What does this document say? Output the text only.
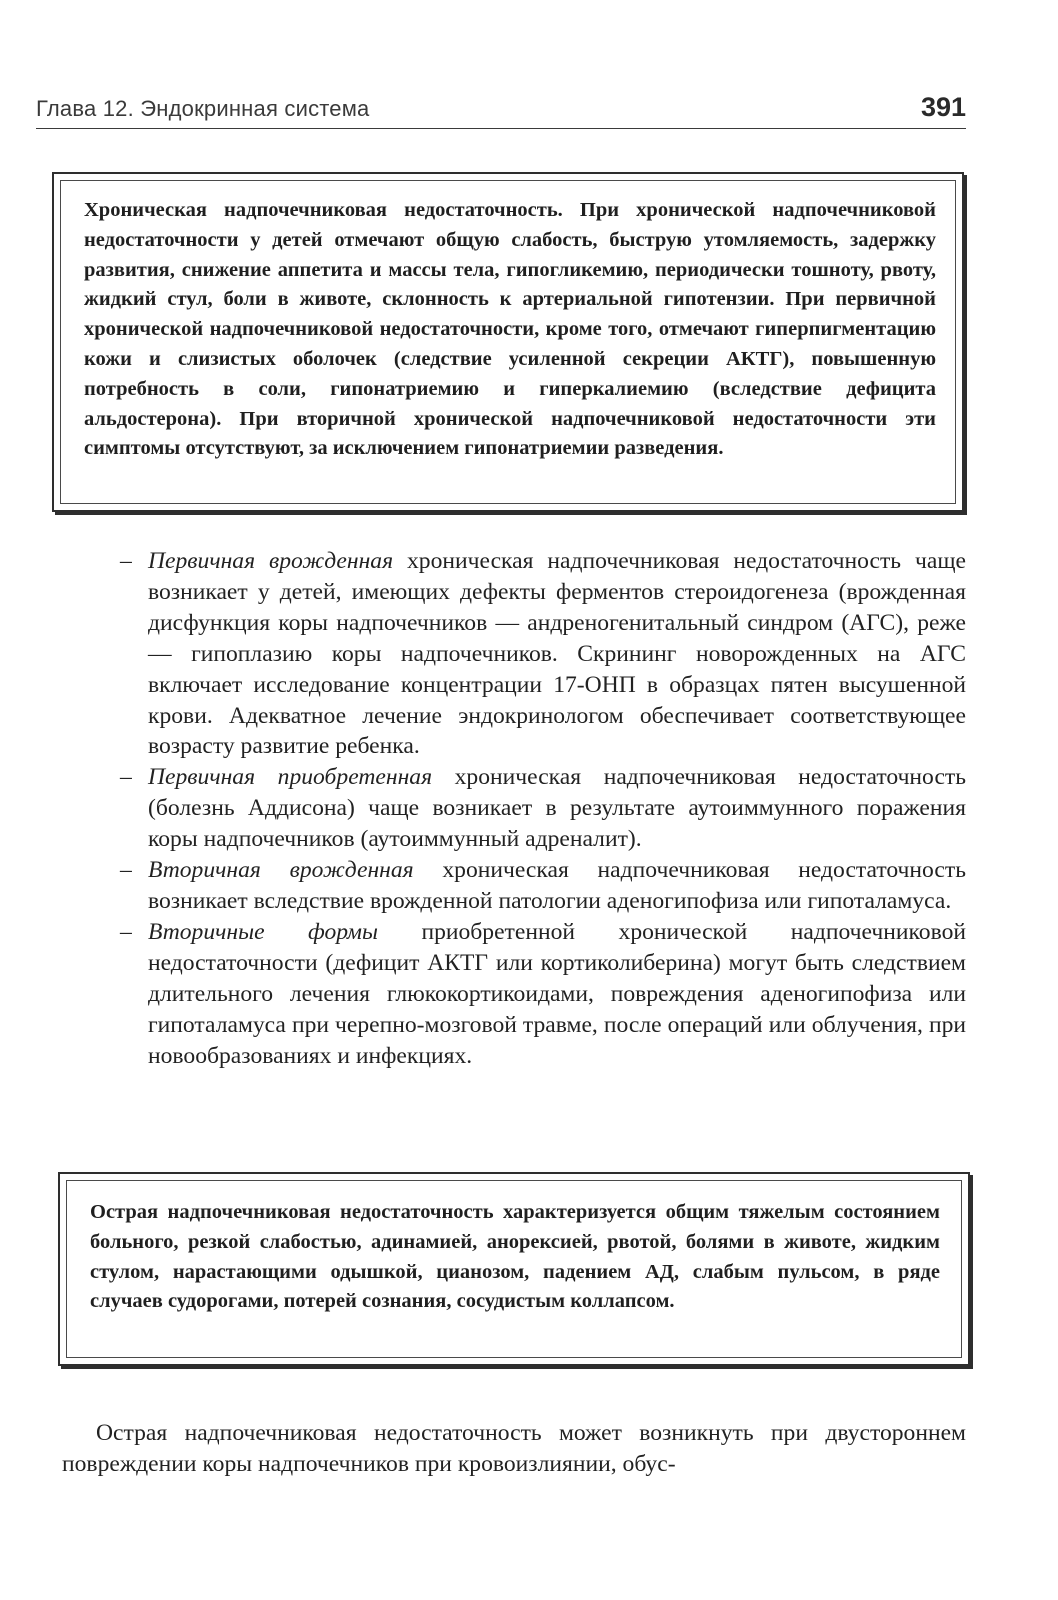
Глава 12. Эндокринная система	391

Хроническая надпочечниковая недостаточность. При хронической надпочечниковой недостаточности у детей отмечают общую слабость, быструю утомляемость, задержку развития, снижение аппетита и массы тела, гипогликемию, периодически тошноту, рвоту, жидкий стул, боли в животе, склонность к артериальной гипотензии. При первичной хронической надпочечниковой недостаточности, кроме того, отмечают гиперпигментацию кожи и слизистых оболочек (следствие усиленной секреции АКТГ), повышенную потребность в соли, гипонатриемию и гиперкалиемию (вследствие дефицита альдостерона). При вторичной хронической надпочечниковой недостаточности эти симптомы отсутствуют, за исключением гипонатриемии разведения.

– Первичная врожденная хроническая надпочечниковая недостаточность чаще возникает у детей, имеющих дефекты ферментов стероидогенеза (врожденная дисфункция коры надпочечников — андреногенитальный синдром (АГС), реже — гипоплазию коры надпочечников. Скрининг новорожденных на АГС включает исследование концентрации 17-ОНП в образцах пятен высушенной крови. Адекватное лечение эндокринологом обеспечивает соответствующее возрасту развитие ребенка.
– Первичная приобретенная хроническая надпочечниковая недостаточность (болезнь Аддисона) чаще возникает в результате аутоиммунного поражения коры надпочечников (аутоиммунный адреналит).
– Вторичная врожденная хроническая надпочечниковая недостаточность возникает вследствие врожденной патологии аденогипофиза или гипоталамуса.
– Вторичные формы приобретенной хронической надпочечниковой недостаточности (дефицит АКТГ или кортиколиберина) могут быть следствием длительного лечения глюкокортикоидами, повреждения аденогипофиза или гипоталамуса при черепно-мозговой травме, после операций или облучения, при новообразованиях и инфекциях.

Острая надпочечниковая недостаточность характеризуется общим тяжелым состоянием больного, резкой слабостью, адинамией, анорексией, рвотой, болями в животе, жидким стулом, нарастающими одышкой, цианозом, падением АД, слабым пульсом, в ряде случаев судорогами, потерей сознания, сосудистым коллапсом.

Острая надпочечниковая недостаточность может возникнуть при двустороннем повреждении коры надпочечников при кровоизлиянии, обус-
